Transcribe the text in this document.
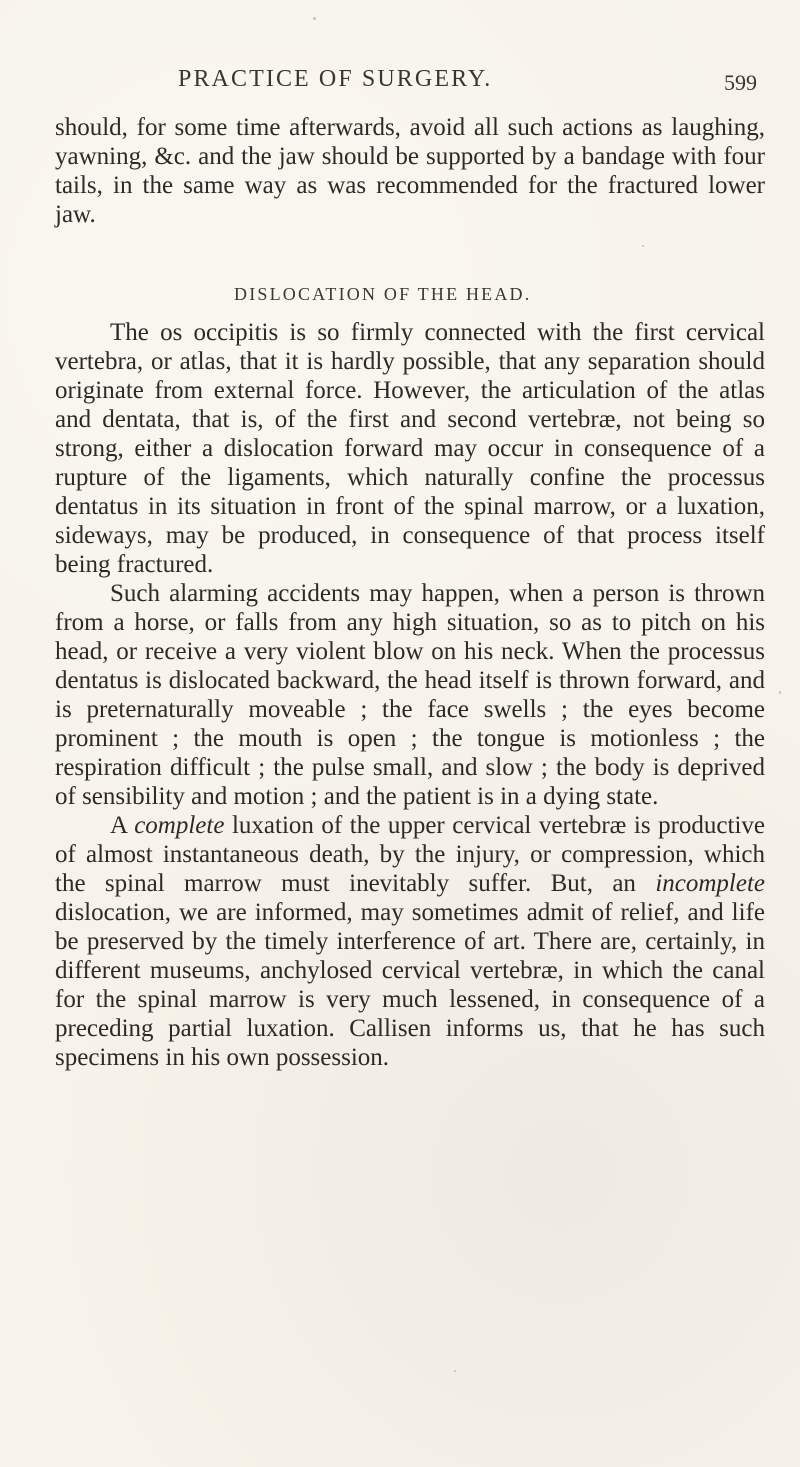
PRACTICE OF SURGERY.	599

should, for some time afterwards, avoid all such actions as laughing, yawning, &c. and the jaw should be supported by a bandage with four tails, in the same way as was recommended for the fractured lower jaw.

DISLOCATION OF THE HEAD.

The os occipitis is so firmly connected with the first cervical vertebra, or atlas, that it is hardly possible, that any separation should originate from external force. However, the articulation of the atlas and dentata, that is, of the first and second vertebræ, not being so strong, either a dislocation forward may occur in consequence of a rupture of the ligaments, which naturally confine the processus dentatus in its situation in front of the spinal marrow, or a luxation, sideways, may be produced, in consequence of that process itself being fractured.

Such alarming accidents may happen, when a person is thrown from a horse, or falls from any high situation, so as to pitch on his head, or receive a very violent blow on his neck. When the processus dentatus is dislocated backward, the head itself is thrown forward, and is preternaturally moveable ; the face swells ; the eyes become prominent ; the mouth is open ; the tongue is motionless ; the respiration difficult ; the pulse small, and slow ; the body is deprived of sensibility and motion ; and the patient is in a dying state.

A complete luxation of the upper cervical vertebræ is productive of almost instantaneous death, by the injury, or compression, which the spinal marrow must inevitably suffer. But, an incomplete dislocation, we are informed, may sometimes admit of relief, and life be preserved by the timely interference of art. There are, certainly, in different museums, anchylosed cervical vertebræ, in which the canal for the spinal marrow is very much lessened, in consequence of a preceding partial luxation. Callisen informs us, that he has such specimens in his own possession.
